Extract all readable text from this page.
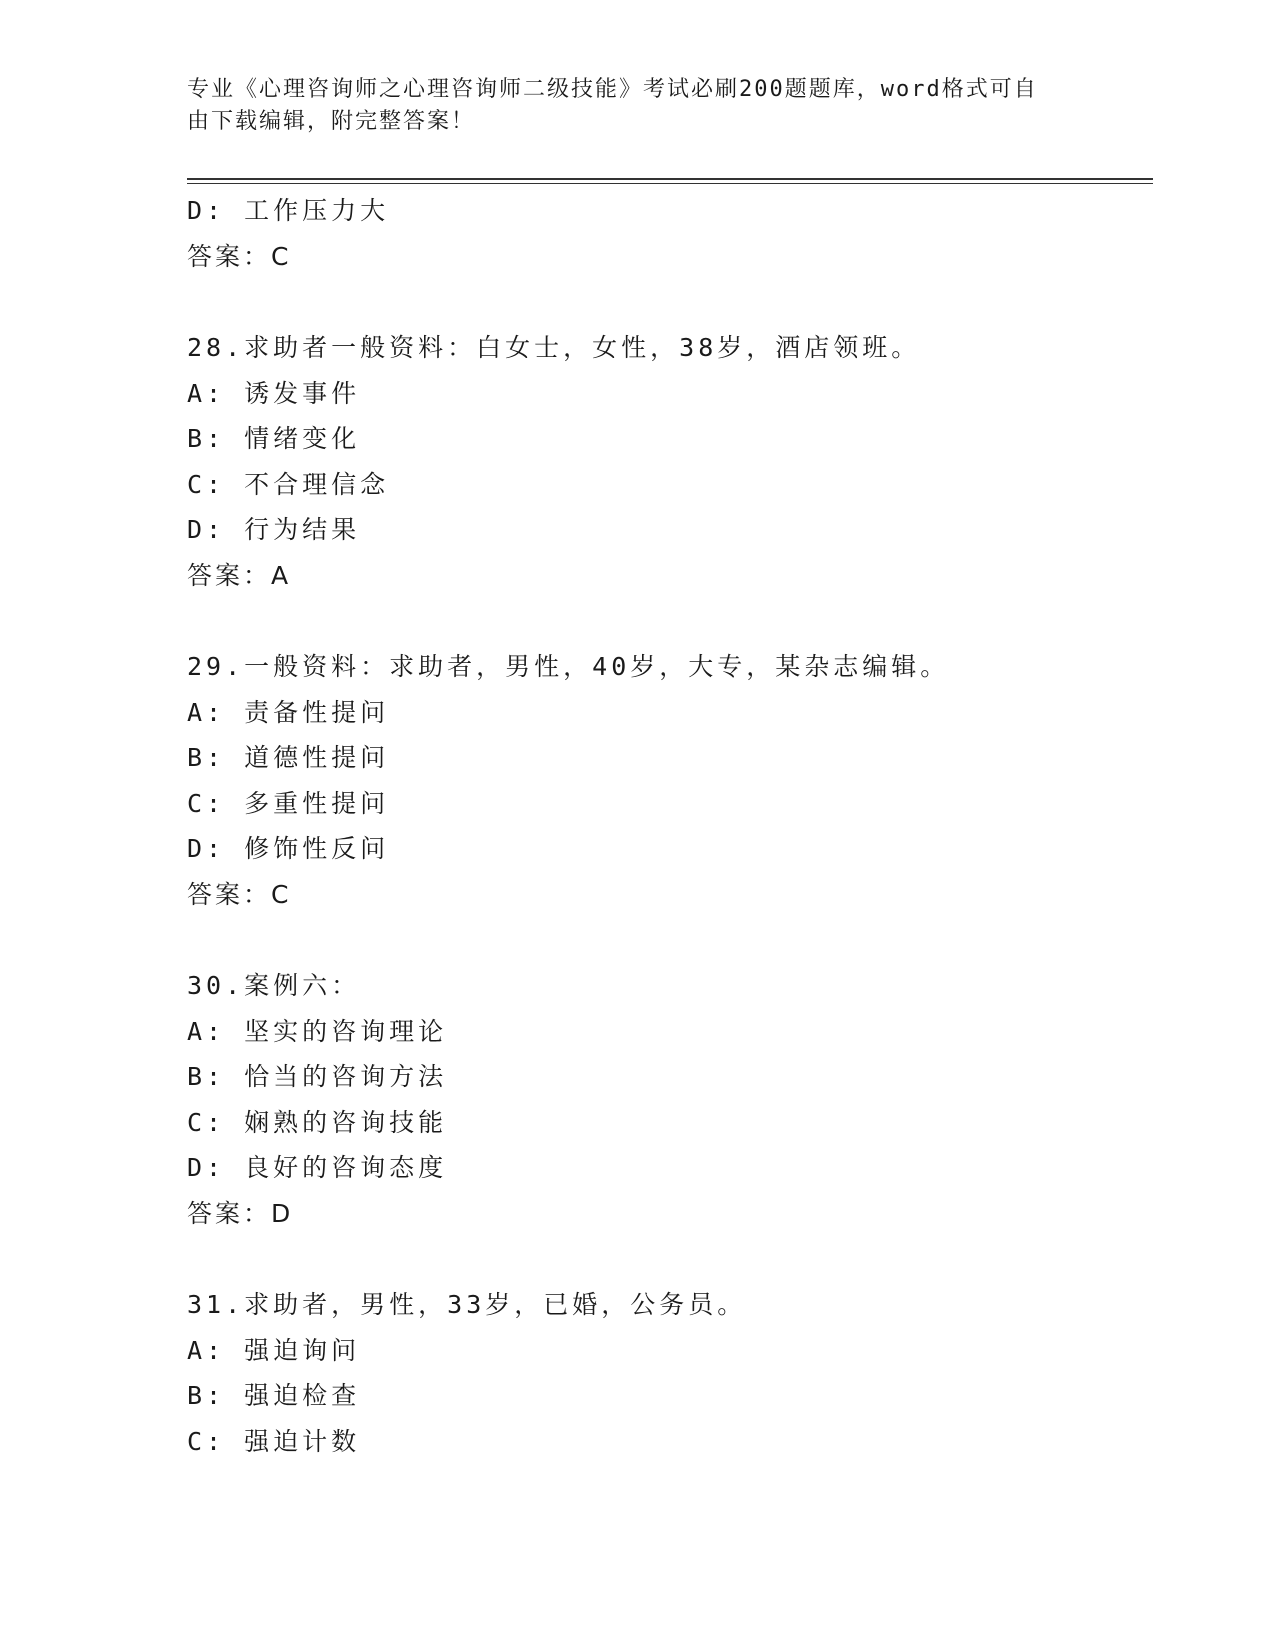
专业《心理咨询师之心理咨询师二级技能》考试必刷200题题库，word格式可自
由下载编辑，附完整答案！
D: 工作压力大
答案：C
28.求助者一般资料：白女士，女性，38岁，酒店领班。
A: 诱发事件
B: 情绪变化
C: 不合理信念
D: 行为结果
答案：A
29.一般资料：求助者，男性，40岁，大专，某杂志编辑。
A: 责备性提问
B: 道德性提问
C: 多重性提问
D: 修饰性反问
答案：C
30.案例六：
A: 坚实的咨询理论
B: 恰当的咨询方法
C: 娴熟的咨询技能
D: 良好的咨询态度
答案：D
31.求助者，男性，33岁，已婚，公务员。
A: 强迫询问
B: 强迫检查
C: 强迫计数
